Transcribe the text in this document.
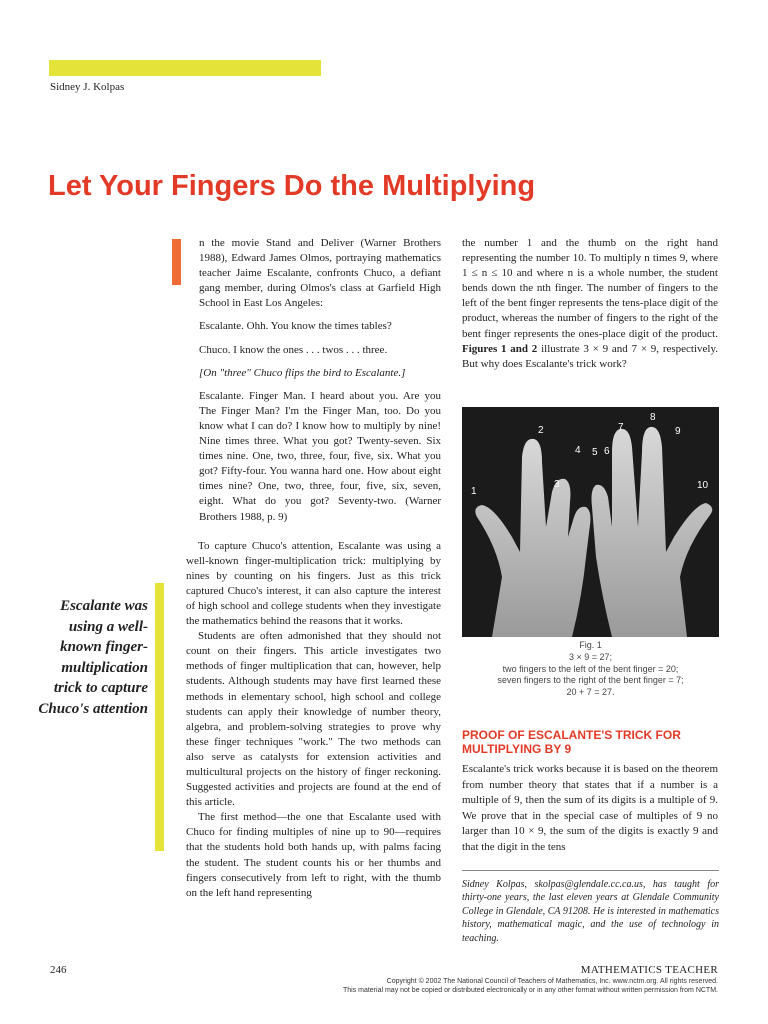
Sidney J. Kolpas
Let Your Fingers Do the Multiplying

n the movie Stand and Deliver (Warner Brothers 1988), Edward James Olmos, portraying mathematics teacher Jaime Escalante, confronts Chuco, a defiant gang member, during Olmos's class at Garfield High School in East Los Angeles:

Escalante. Ohh. You know the times tables?

Chuco. I know the ones . . . twos . . . three.

[On "three" Chuco flips the bird to Escalante.]

Escalante. Finger Man. I heard about you. Are you The Finger Man? I'm the Finger Man, too. Do you know what I can do? I know how to multiply by nine! Nine times three. What you got? Twenty-seven. Six times nine. One, two, three, four, five, six. What you got? Fifty-four. You wanna hard one. How about eight times nine? One, two, three, four, five, six, seven, eight. What do you got? Seventy-two. (Warner Brothers 1988, p. 9)

To capture Chuco's attention, Escalante was using a well-known finger-multiplication trick: multiplying by nines by counting on his fingers. Just as this trick captured Chuco's interest, it can also capture the interest of high school and college students when they investigate the mathematics behind the reasons that it works.

Students are often admonished that they should not count on their fingers. This article investigates two methods of finger multiplication that can, however, help students. Although students may have first learned these methods in elementary school, high school and college students can apply their knowledge of number theory, algebra, and problem-solving strategies to prove why these finger techniques "work." The two methods can also serve as catalysts for extension activities and multicultural projects on the history of finger reckoning. Suggested activities and projects are found at the end of this article.

The first method—the one that Escalante used with Chuco for finding multiples of nine up to 90—requires that the students hold both hands up, with palms facing the student. The student counts his or her thumbs and fingers consecutively from left to right, with the thumb on the left hand representing

Escalante was using a well-known finger-multiplication trick to capture Chuco's attention
the number 1 and the thumb on the right hand representing the number 10. To multiply n times 9, where 1 ≤ n ≤ 10 and where n is a whole number, the student bends down the nth finger. The number of fingers to the left of the bent finger represents the tens-place digit of the product, whereas the number of fingers to the right of the bent finger represents the ones-place digit of the product. Figures 1 and 2 illustrate 3 × 9 and 7 × 9, respectively. But why does Escalante's trick work?
1
2
3
4 5 6
7
8
9
10
Fig. 1
3 × 9 = 27;
two fingers to the left of the bent finger = 20;
seven fingers to the right of the bent finger = 7;
20 + 7 = 27.
PROOF OF ESCALANTE'S TRICK FOR MULTIPLYING BY 9

Escalante's trick works because it is based on the theorem from number theory that states that if a number is a multiple of 9, then the sum of its digits is a multiple of 9. We prove that in the special case of multiples of 9 no larger than 10 × 9, the sum of the digits is exactly 9 and that the digit in the tens

Sidney Kolpas, skolpas@glendale.cc.ca.us, has taught for thirty-one years, the last eleven years at Glendale Community College in Glendale, CA 91208. He is interested in mathematics history, mathematical magic, and the use of technology in teaching.

246	MATHEMATICS TEACHER
Copyright © 2002 The National Council of Teachers of Mathematics, Inc. www.nctm.org. All rights reserved.
This material may not be copied or distributed electronically or in any other format without written permission from NCTM.
